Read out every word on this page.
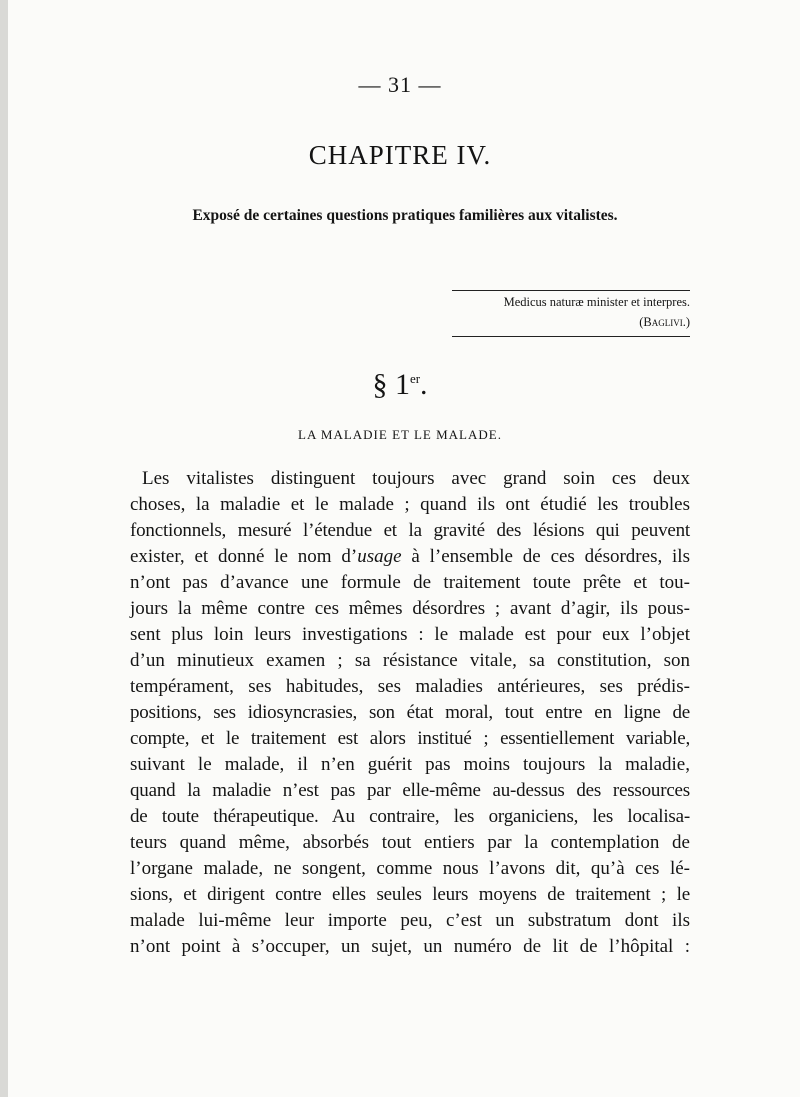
— 31 —
CHAPITRE IV.

Exposé de certaines questions pratiques familières aux vitalistes.

Medicus naturæ minister et interpres.
(Baglivi.)
§ 1er.
LA MALADIE ET LE MALADE.
Les vitalistes distinguent toujours avec grand soin ces deux
choses, la maladie et le malade ; quand ils ont étudié les troubles
fonctionnels, mesuré l’étendue et la gravité des lésions qui peuvent
exister, et donné le nom d’usage à l’ensemble de ces désordres, ils
n’ont pas d’avance une formule de traitement toute prête et tou-
jours la même contre ces mêmes désordres ; avant d’agir, ils pous-
sent plus loin leurs investigations : le malade est pour eux l’objet
d’un minutieux examen ; sa résistance vitale, sa constitution, son
tempérament, ses habitudes, ses maladies antérieures, ses prédis-
positions, ses idiosyncrasies, son état moral, tout entre en ligne de
compte, et le traitement est alors institué ; essentiellement variable,
suivant le malade, il n’en guérit pas moins toujours la maladie,
quand la maladie n’est pas par elle-même au-dessus des ressources
de toute thérapeutique. Au contraire, les organiciens, les localisa-
teurs quand même, absorbés tout entiers par la contemplation de
l’organe malade, ne songent, comme nous l’avons dit, qu’à ces lé-
sions, et dirigent contre elles seules leurs moyens de traitement ; le
malade lui-même leur importe peu, c’est un substratum dont ils
n’ont point à s’occuper, un sujet, un numéro de lit de l’hôpital :
